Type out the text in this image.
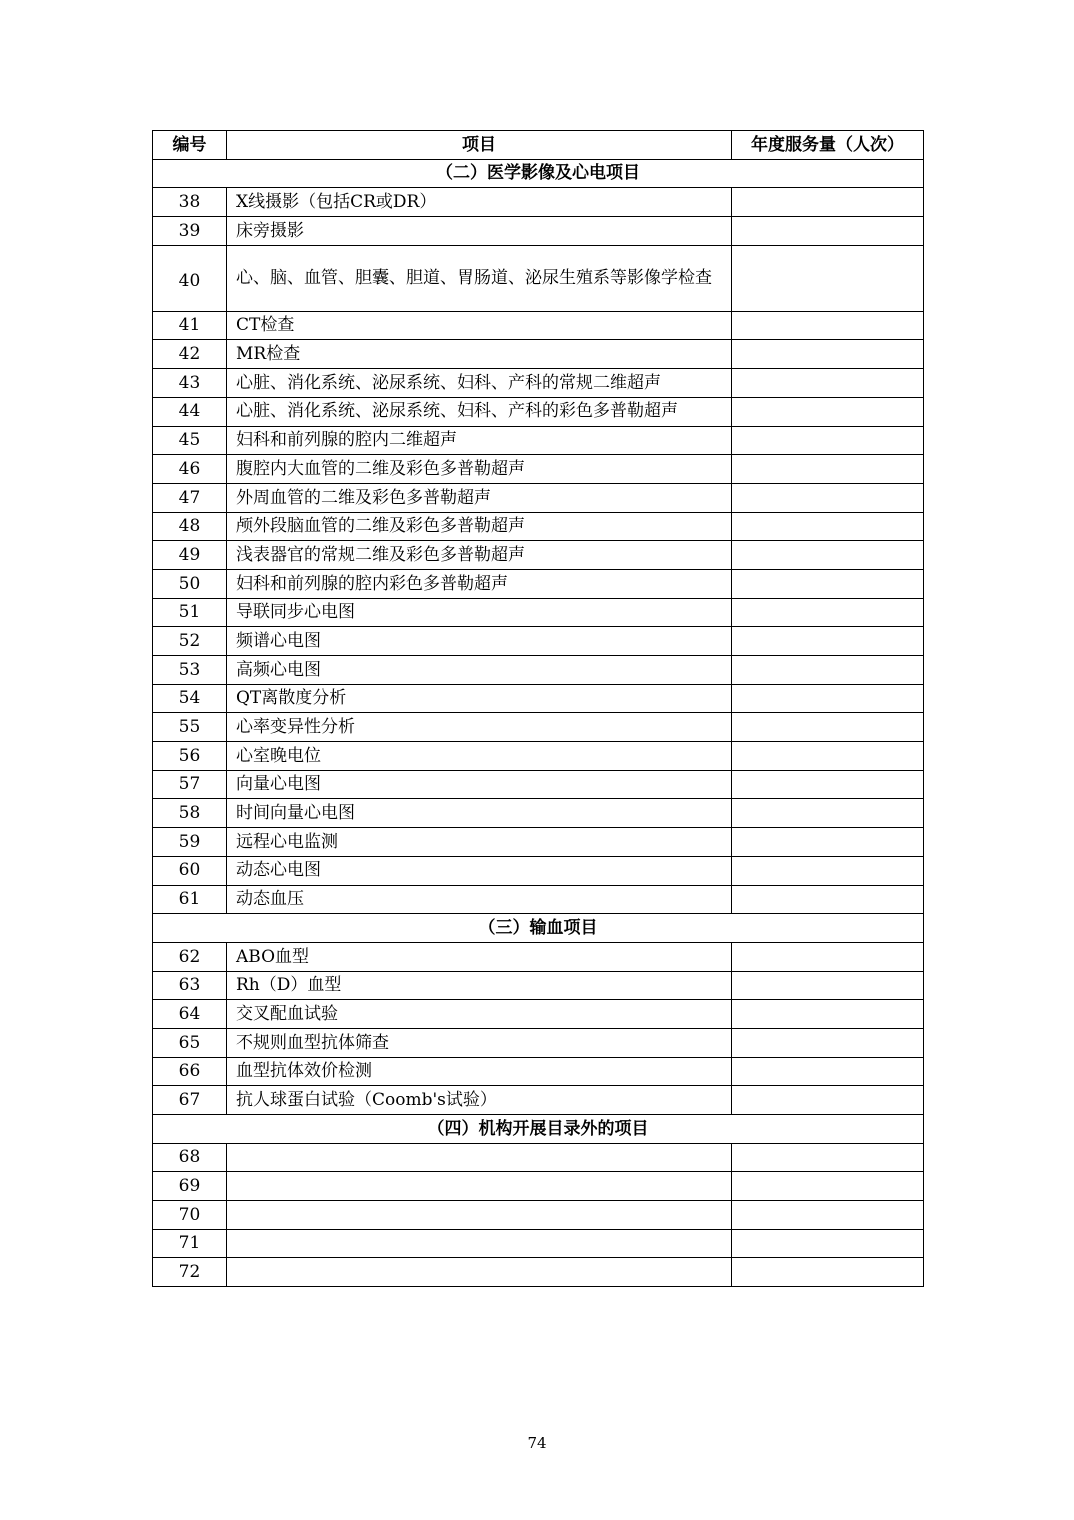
编号	项目	年度服务量（人次）
（二）医学影像及心电项目		
38	X线摄影（包括CR或DR）	
39	床旁摄影	
40	心、脑、血管、胆囊、胆道、胃肠道、泌尿生殖系等影像学检查	
41	CT检查	
42	MR检查	
43	心脏、消化系统、泌尿系统、妇科、产科的常规二维超声	
44	心脏、消化系统、泌尿系统、妇科、产科的彩色多普勒超声	
45	妇科和前列腺的腔内二维超声	
46	腹腔内大血管的二维及彩色多普勒超声	
47	外周血管的二维及彩色多普勒超声	
48	颅外段脑血管的二维及彩色多普勒超声	
49	浅表器官的常规二维及彩色多普勒超声	
50	妇科和前列腺的腔内彩色多普勒超声	
51	导联同步心电图	
52	频谱心电图	
53	高频心电图	
54	QT离散度分析	
55	心率变异性分析	
56	心室晚电位	
57	向量心电图	
58	时间向量心电图	
59	远程心电监测	
60	动态心电图	
61	动态血压	
（三）输血项目		
62	ABO血型	
63	Rh（D）血型	
64	交叉配血试验	
65	不规则血型抗体筛查	
66	血型抗体效价检测	
67	抗人球蛋白试验（Coomb's试验）	
（四）机构开展目录外的项目		
68		
69		
70		
71		
72		
74
